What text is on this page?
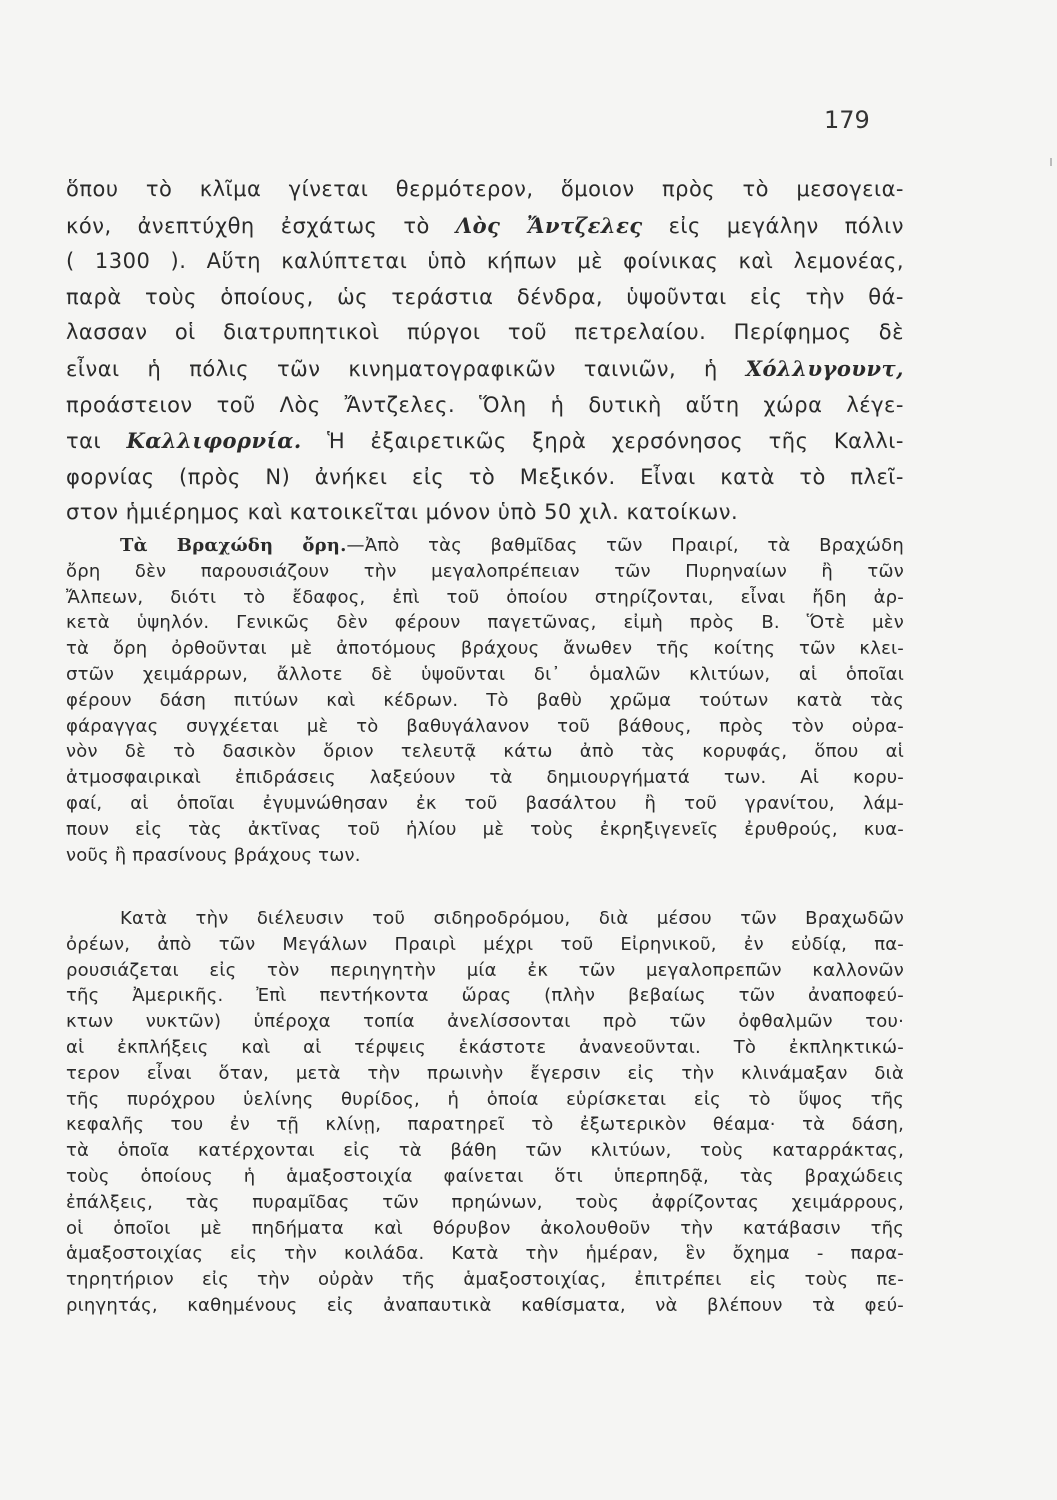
179
ὅπου τὸ κλῖμα γίνεται θερμότερον, ὅμοιον πρὸς τὸ μεσογεια-
κόν, ἀνεπτύχθη ἐσχάτως τὸ Λὸς Ἄντζελες εἰς μεγάλην πόλιν
( 1300 ). Αὕτη καλύπτεται ὑπὸ κήπων μὲ φοίνικας καὶ λεμονέας,
παρὰ τοὺς ὁποίους, ὡς τεράστια δένδρα, ὑψοῦνται εἰς τὴν θά-
λασσαν οἱ διατρυπητικοὶ πύργοι τοῦ πετρελαίου. Περίφημος δὲ
εἶναι ἡ πόλις τῶν κινηματογραφικῶν ταινιῶν, ἡ Χόλλυγουντ,
προάστειον τοῦ Λὸς Ἄντζελες. Ὅλη ἡ δυτικὴ αὕτη χώρα λέγε-
ται Καλλιφορνία. Ἡ ἐξαιρετικῶς ξηρὰ χερσόνησος τῆς Καλλι-
φορνίας (πρὸς Ν) ἀνήκει εἰς τὸ Μεξικόν. Εἶναι κατὰ τὸ πλεῖ-
στον ἡμιέρημος καὶ κατοικεῖται μόνον ὑπὸ 50 χιλ. κατοίκων.
Τὰ Βραχώδη ὄρη.—Ἀπὸ τὰς βαθμῖδας τῶν Πραιρί, τὰ Βραχώδη
ὄρη δὲν παρουσιάζουν τὴν μεγαλοπρέπειαν τῶν Πυρηναίων ἢ τῶν
Ἄλπεων, διότι τὸ ἔδαφος, ἐπὶ τοῦ ὁποίου στηρίζονται, εἶναι ἤδη ἀρ-
κετὰ ὑψηλόν. Γενικῶς δὲν φέρουν παγετῶνας, εἰμὴ πρὸς Β. Ὅτὲ μὲν
τὰ ὄρη ὀρθοῦνται μὲ ἀποτόμους βράχους ἄνωθεν τῆς κοίτης τῶν κλει-
στῶν χειμάρρων, ἄλλοτε δὲ ὑψοῦνται δι᾽ ὁμαλῶν κλιτύων, αἱ ὁποῖαι
φέρουν δάση πιτύων καὶ κέδρων. Τὸ βαθὺ χρῶμα τούτων κατὰ τὰς
φάραγγας συγχέεται μὲ τὸ βαθυγάλανον τοῦ βάθους, πρὸς τὸν οὐρα-
νὸν δὲ τὸ δασικὸν ὅριον τελευτᾷ κάτω ἀπὸ τὰς κορυφάς, ὅπου αἱ
ἀτμοσφαιρικαὶ ἐπιδράσεις λαξεύουν τὰ δημιουργήματά των. Αἱ κορυ-
φαί, αἱ ὁποῖαι ἐγυμνώθησαν ἐκ τοῦ βασάλτου ἢ τοῦ γρανίτου, λάμ-
πουν εἰς τὰς ἀκτῖνας τοῦ ἡλίου μὲ τοὺς ἐκρηξιγενεῖς ἐρυθρούς, κυα-
νοῦς ἢ πρασίνους βράχους των.
Κατὰ τὴν διέλευσιν τοῦ σιδηροδρόμου, διὰ μέσου τῶν Βραχωδῶν
ὀρέων, ἀπὸ τῶν Μεγάλων Πραιρὶ μέχρι τοῦ Εἰρηνικοῦ, ἐν εὐδίᾳ, πα-
ρουσιάζεται εἰς τὸν περιηγητὴν μία ἐκ τῶν μεγαλοπρεπῶν καλλονῶν
τῆς Ἀμερικῆς. Ἐπὶ πεντήκοντα ὥρας (πλὴν βεβαίως τῶν ἀναποφεύ-
κτων νυκτῶν) ὑπέροχα τοπία ἀνελίσσονται πρὸ τῶν ὀφθαλμῶν του·
αἱ ἐκπλήξεις καὶ αἱ τέρψεις ἑκάστοτε ἀνανεοῦνται. Τὸ ἐκπληκτικώ-
τερον εἶναι ὅταν, μετὰ τὴν πρωινὴν ἔγερσιν εἰς τὴν κλινάμαξαν διὰ
τῆς πυρόχρου ὑελίνης θυρίδος, ἡ ὁποία εὑρίσκεται εἰς τὸ ὕψος τῆς
κεφαλῆς του ἐν τῇ κλίνῃ, παρατηρεῖ τὸ ἐξωτερικὸν θέαμα· τὰ δάση,
τὰ ὁποῖα κατέρχονται εἰς τὰ βάθη τῶν κλιτύων, τοὺς καταρράκτας,
τοὺς ὁποίους ἡ ἁμαξοστοιχία φαίνεται ὅτι ὑπερπηδᾷ, τὰς βραχώδεις
ἐπάλξεις, τὰς πυραμῖδας τῶν πρηώνων, τοὺς ἀφρίζοντας χειμάρρους,
οἱ ὁποῖοι μὲ πηδήματα καὶ θόρυβον ἀκολουθοῦν τὴν κατάβασιν τῆς
ἁμαξοστοιχίας εἰς τὴν κοιλάδα. Κατὰ τὴν ἡμέραν, ἓν ὄχημα - παρα-
τηρητήριον εἰς τὴν οὐρὰν τῆς ἁμαξοστοιχίας, ἐπιτρέπει εἰς τοὺς πε-
ριηγητάς, καθημένους εἰς ἀναπαυτικὰ καθίσματα, νὰ βλέπουν τὰ φεύ-
